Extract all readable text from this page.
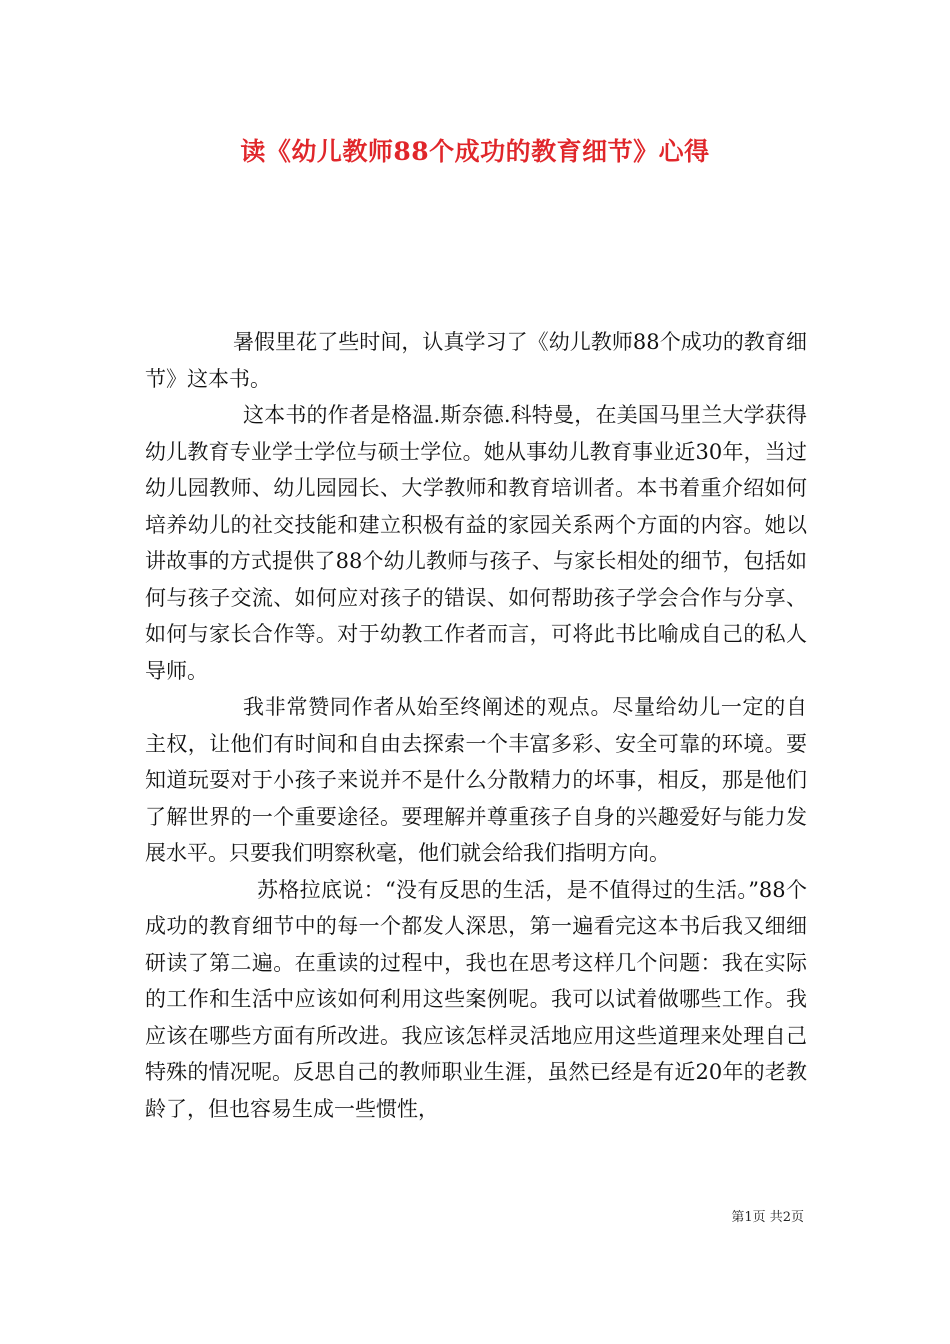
读《幼儿教师88个成功的教育细节》心得

暑假里花了些时间，认真学习了《幼儿教师88个成功的教育细节》这本书。

这本书的作者是格温.斯奈德.科特曼，在美国马里兰大学获得幼儿教育专业学士学位与硕士学位。她从事幼儿教育事业近30年，当过幼儿园教师、幼儿园园长、大学教师和教育培训者。本书着重介绍如何培养幼儿的社交技能和建立积极有益的家园关系两个方面的内容。她以讲故事的方式提供了88个幼儿教师与孩子、与家长相处的细节，包括如何与孩子交流、如何应对孩子的错误、如何帮助孩子学会合作与分享、如何与家长合作等。对于幼教工作者而言，可将此书比喻成自己的私人导师。

我非常赞同作者从始至终阐述的观点。尽量给幼儿一定的自主权，让他们有时间和自由去探索一个丰富多彩、安全可靠的环境。要知道玩耍对于小孩子来说并不是什么分散精力的坏事，相反，那是他们了解世界的一个重要途径。要理解并尊重孩子自身的兴趣爱好与能力发展水平。只要我们明察秋毫，他们就会给我们指明方向。

苏格拉底说：“没有反思的生活，是不值得过的生活。”88个成功的教育细节中的每一个都发人深思，第一遍看完这本书后我又细细研读了第二遍。在重读的过程中，我也在思考这样几个问题：我在实际的工作和生活中应该如何利用这些案例呢。我可以试着做哪些工作。我应该在哪些方面有所改进。我应该怎样灵活地应用这些道理来处理自己特殊的情况呢。反思自己的教师职业生涯，虽然已经是有近20年的老教龄了，但也容易生成一些惯性，

第1页 共2页
